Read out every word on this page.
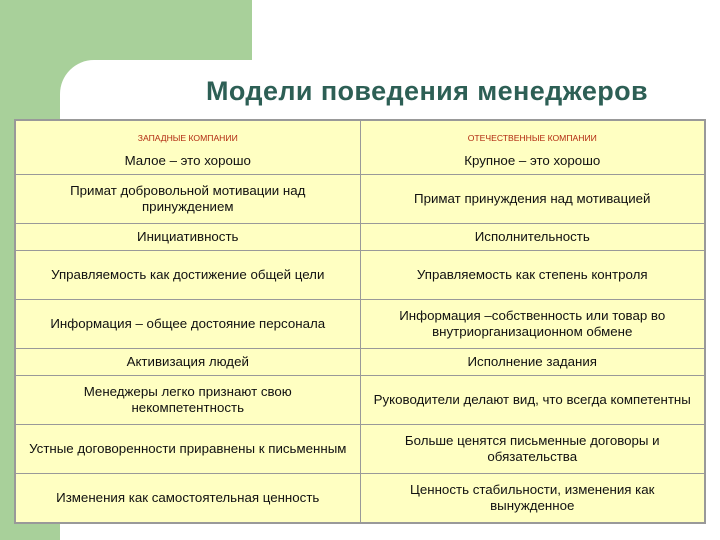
Модели поведения менеджеров
ЗАПАДНЫЕ КОМПАНИИ	ОТЕЧЕСТВЕННЫЕ КОМПАНИИ
Малое – это хорошо	Крупное – это хорошо
Примат добровольной мотивации над принуждением	Примат принуждения над мотивацией
Инициативность	Исполнительность
Управляемость как достижение общей цели	Управляемость как степень контроля
Информация – общее достояние персонала	Информация –собственность или товар во внутриорганизационном обмене
Активизация людей	Исполнение задания
Менеджеры легко признают свою некомпетентность	Руководители делают вид, что всегда компетентны
Устные договоренности приравнены к письменным	Больше ценятся письменные договоры и обязательства
Изменения как самостоятельная ценность	Ценность стабильности, изменения как вынужденное
